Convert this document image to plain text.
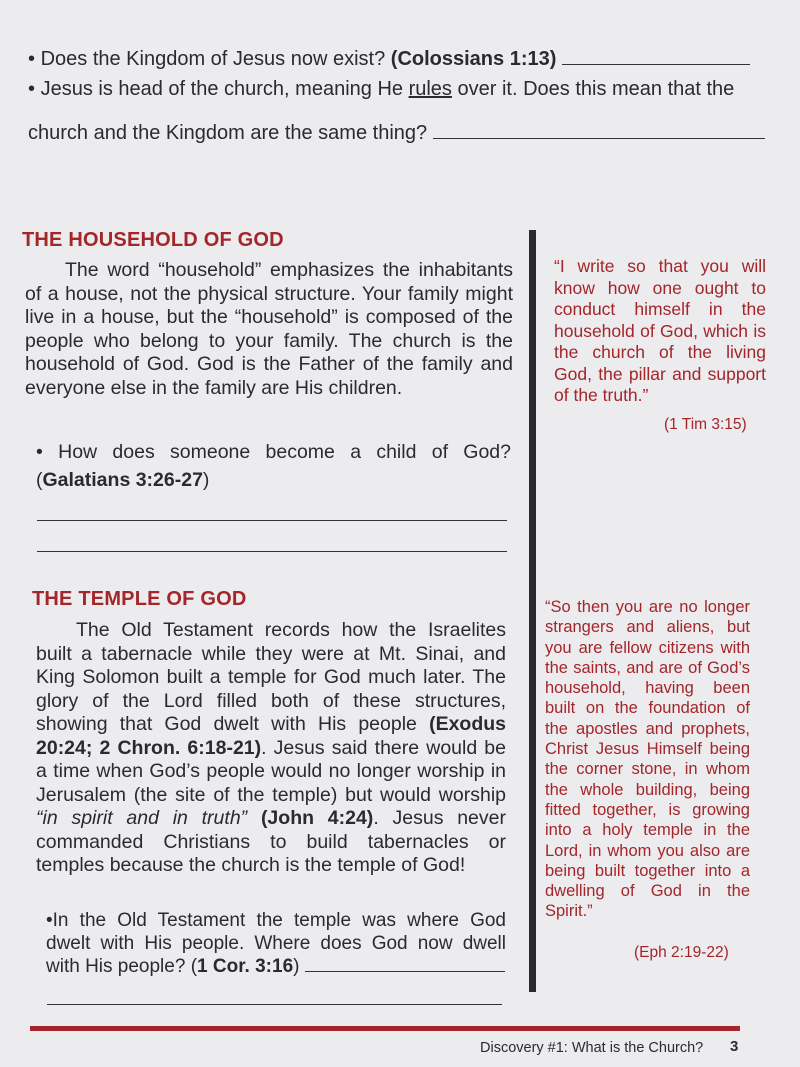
• Does the Kingdom of Jesus now exist? (Colossians 1:13)
• Jesus is head of the church, meaning He rules over it. Does this mean that the
church and the Kingdom are the same thing?
THE HOUSEHOLD OF GOD

The word “household” emphasizes the inhabitants of a house, not the physical structure. Your family might live in a house, but the “household” is composed of the people who belong to your family. The church is the household of God. God is the Father of the family and everyone else in the family are His children.

• How does someone become a child of God? (Galatians 3:26-27)
“I write so that you will know how one ought to conduct himself in the household of God, which is the church of the living God, the pillar and support of the truth.”
(1 Tim 3:15)
THE TEMPLE OF GOD

The Old Testament records how the Israelites built a tabernacle while they were at Mt. Sinai, and King Solomon built a temple for God much later. The glory of the Lord filled both of these structures, showing that God dwelt with His people (Exodus 20:24; 2 Chron. 6:18-21). Jesus said there would be a time when God’s people would no longer worship in Jerusalem (the site of the temple) but would worship “in spirit and in truth” (John 4:24). Jesus never commanded Christians to build tabernacles or temples because the church is the temple of God!

•In the Old Testament the temple was where God dwelt with His people. Where does God now dwell with His people? (1 Cor. 3:16)
“So then you are no longer strangers and aliens, but you are fellow citizens with the saints, and are of God’s household, having been built on the foundation of the apostles and prophets, Christ Jesus Himself being the corner stone, in whom the whole building, being fitted together, is growing into a holy temple in the Lord, in whom you also are being built together into a dwelling of God in the Spirit.”
(Eph 2:19-22)
Discovery #1: What is the Church? 3
